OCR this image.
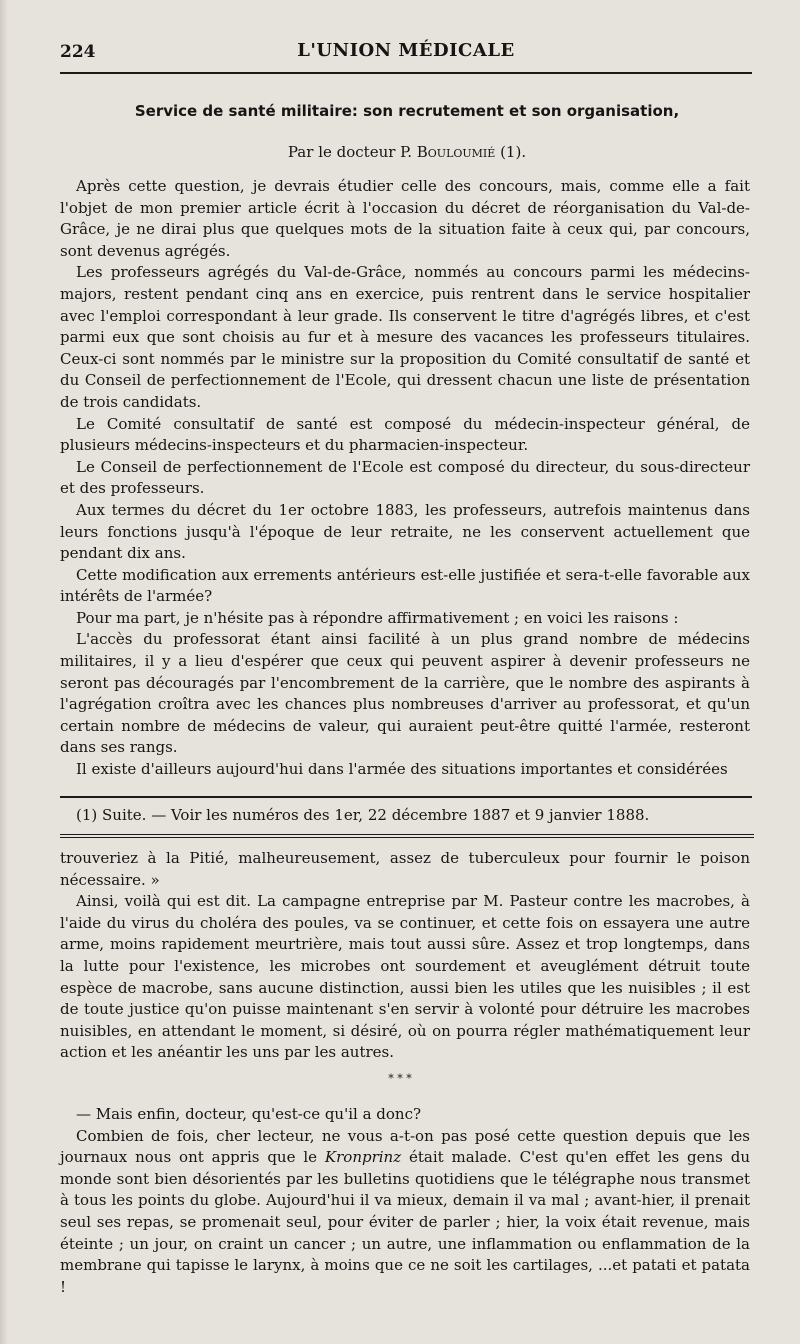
224	L'UNION MÉDICALE
Service de santé militaire: son recrutement et son organisation,
Par le docteur P. Bouloumié (1).

Après cette question, je devrais étudier celle des concours, mais, comme elle a fait l'objet de mon premier article écrit à l'occasion du décret de réorganisation du Val-de-Grâce, je ne dirai plus que quelques mots de la situation faite à ceux qui, par concours, sont devenus agrégés.

Les professeurs agrégés du Val-de-Grâce, nommés au concours parmi les médecins-majors, restent pendant cinq ans en exercice, puis rentrent dans le service hospitalier avec l'emploi correspondant à leur grade. Ils conservent le titre d'agrégés libres, et c'est parmi eux que sont choisis au fur et à mesure des vacances les professeurs titulaires. Ceux-ci sont nommés par le ministre sur la proposition du Comité consultatif de santé et du Conseil de perfectionnement de l'Ecole, qui dressent chacun une liste de présentation de trois candidats.

Le Comité consultatif de santé est composé du médecin-inspecteur général, de plusieurs médecins-inspecteurs et du pharmacien-inspecteur.

Le Conseil de perfectionnement de l'Ecole est composé du directeur, du sous-directeur et des professeurs.

Aux termes du décret du 1er octobre 1883, les professeurs, autrefois maintenus dans leurs fonctions jusqu'à l'époque de leur retraite, ne les conservent actuellement que pendant dix ans.

Cette modification aux errements antérieurs est-elle justifiée et sera-t-elle favorable aux intérêts de l'armée?

Pour ma part, je n'hésite pas à répondre affirmativement ; en voici les raisons :

L'accès du professorat étant ainsi facilité à un plus grand nombre de médecins militaires, il y a lieu d'espérer que ceux qui peuvent aspirer à devenir professeurs ne seront pas découragés par l'encombrement de la carrière, que le nombre des aspirants à l'agrégation croîtra avec les chances plus nombreuses d'arriver au professorat, et qu'un certain nombre de médecins de valeur, qui auraient peut-être quitté l'armée, resteront dans ses rangs.

Il existe d'ailleurs aujourd'hui dans l'armée des situations importantes et considérées

(1) Suite. — Voir les numéros des 1er, 22 décembre 1887 et 9 janvier 1888.

trouveriez à la Pitié, malheureusement, assez de tuberculeux pour fournir le poison nécessaire. »

Ainsi, voilà qui est dit. La campagne entreprise par M. Pasteur contre les macrobes, à l'aide du virus du choléra des poules, va se continuer, et cette fois on essayera une autre arme, moins rapidement meurtrière, mais tout aussi sûre. Assez et trop longtemps, dans la lutte pour l'existence, les microbes ont sourdement et aveuglément détruit toute espèce de macrobe, sans aucune distinction, aussi bien les utiles que les nuisibles ; il est de toute justice qu'on puisse maintenant s'en servir à volonté pour détruire les macrobes nuisibles, en attendant le moment, si désiré, où on pourra régler mathématiquement leur action et les anéantir les uns par les autres.

* * *

— Mais enfin, docteur, qu'est-ce qu'il a donc?

Combien de fois, cher lecteur, ne vous a-t-on pas posé cette question depuis que les journaux nous ont appris que le Kronprinz était malade. C'est qu'en effet les gens du monde sont bien désorientés par les bulletins quotidiens que le télégraphe nous transmet à tous les points du globe. Aujourd'hui il va mieux, demain il va mal ; avant-hier, il prenait seul ses repas, se promenait seul, pour éviter de parler ; hier, la voix était revenue, mais éteinte ; un jour, on craint un cancer ; un autre, une inflammation ou enflammation de la membrane qui tapisse le larynx, à moins que ce ne soit les cartilages, ...et patati et patata !
